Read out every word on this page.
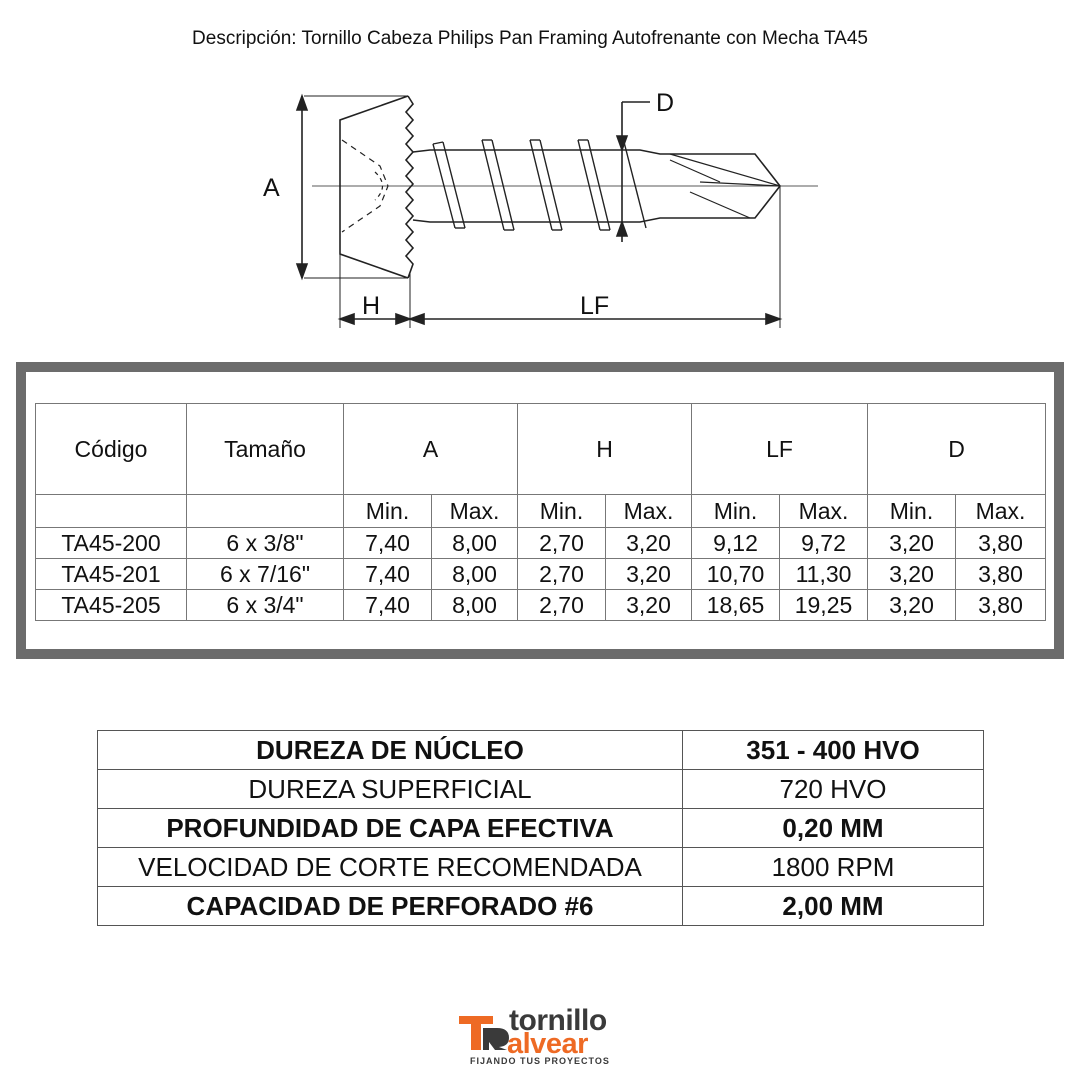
Descripción: Tornillo Cabeza Philips Pan Framing Autofrenante con Mecha TA45
A
H	LF
D
Código	Tamaño	A		H		LF		D	
		Min.	Max.	Min.	Max.	Min.	Max.	Min.	Max.
TA45-200	6 x 3/8"	7,40	8,00	2,70	3,20	9,12	9,72	3,20	3,80
TA45-201	6 x 7/16"	7,40	8,00	2,70	3,20	10,70	11,30	3,20	3,80
TA45-205	6 x 3/4"	7,40	8,00	2,70	3,20	18,65	19,25	3,20	3,80
DUREZA DE NÚCLEO	351 - 400 HVO
DUREZA SUPERFICIAL	720 HVO
PROFUNDIDAD DE CAPA EFECTIVA	0,20 MM
VELOCIDAD DE CORTE RECOMENDADA	1800 RPM
CAPACIDAD DE PERFORADO #6	2,00 MM
tornillo
alvear
FIJANDO TUS PROYECTOS
